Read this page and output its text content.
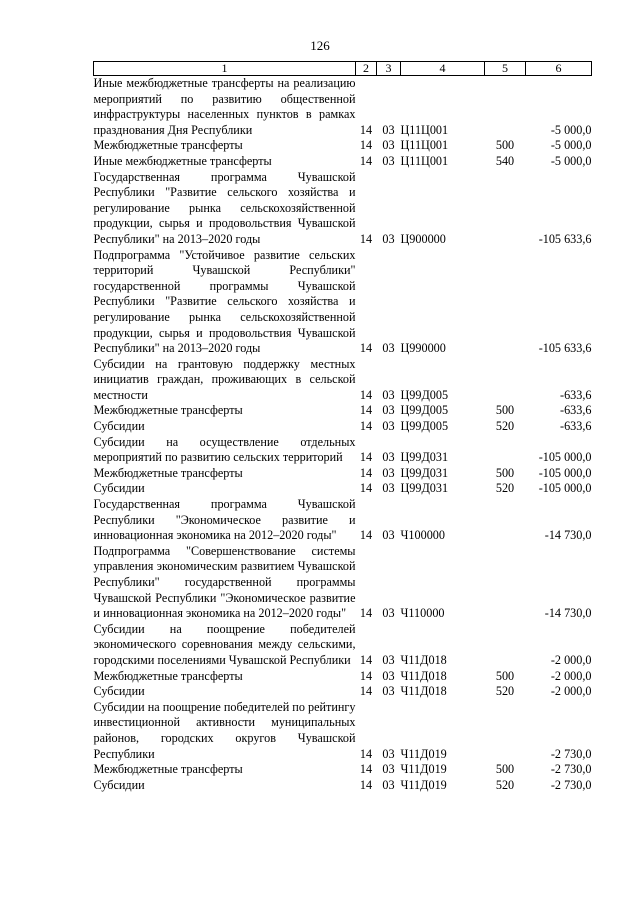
126
1	2	3	4	5	6
Иные межбюджетные трансферты на реализацию мероприятий по развитию общественной инфраструктуры населенных пунктов в рамках празднования Дня Республики	14	03	Ц11Ц001		-5 000,0
Межбюджетные трансферты	14	03	Ц11Ц001	500	-5 000,0
Иные межбюджетные трансферты	14	03	Ц11Ц001	540	-5 000,0
Государственная программа Чувашской Республики "Развитие сельского хозяйства и регулирование рынка сельскохозяйственной продукции, сырья и продовольствия Чувашской Республики" на 2013–2020 годы	14	03	Ц900000		-105 633,6
Подпрограмма "Устойчивое развитие сельских территорий Чувашской Республики" государственной программы Чувашской Республики "Развитие сельского хозяйства и регулирование рынка сельскохозяйственной продукции, сырья и продовольствия Чувашской Республики" на 2013–2020 годы	14	03	Ц990000		-105 633,6
Субсидии на грантовую поддержку местных инициатив граждан, проживающих в сельской местности	14	03	Ц99Д005		-633,6
Межбюджетные трансферты	14	03	Ц99Д005	500	-633,6
Субсидии	14	03	Ц99Д005	520	-633,6
Субсидии на осуществление отдельных мероприятий по развитию сельских территорий	14	03	Ц99Д031		-105 000,0
Межбюджетные трансферты	14	03	Ц99Д031	500	-105 000,0
Субсидии	14	03	Ц99Д031	520	-105 000,0
Государственная программа Чувашской Республики "Экономическое развитие и инновационная экономика на 2012–2020 годы"	14	03	Ч100000		-14 730,0
Подпрограмма "Совершенствование системы управления экономическим развитием Чувашской Республики" государственной программы Чувашской Республики "Экономическое развитие и инновационная экономика на 2012–2020 годы"	14	03	Ч110000		-14 730,0
Субсидии на поощрение победителей экономического соревнования между сельскими, городскими поселениями Чувашской Республики	14	03	Ч11Д018		-2 000,0
Межбюджетные трансферты	14	03	Ч11Д018	500	-2 000,0
Субсидии	14	03	Ч11Д018	520	-2 000,0
Субсидии на поощрение победителей по рейтингу инвестиционной активности муниципальных районов, городских округов Чувашской Республики	14	03	Ч11Д019		-2 730,0
Межбюджетные трансферты	14	03	Ч11Д019	500	-2 730,0
Субсидии	14	03	Ч11Д019	520	-2 730,0
